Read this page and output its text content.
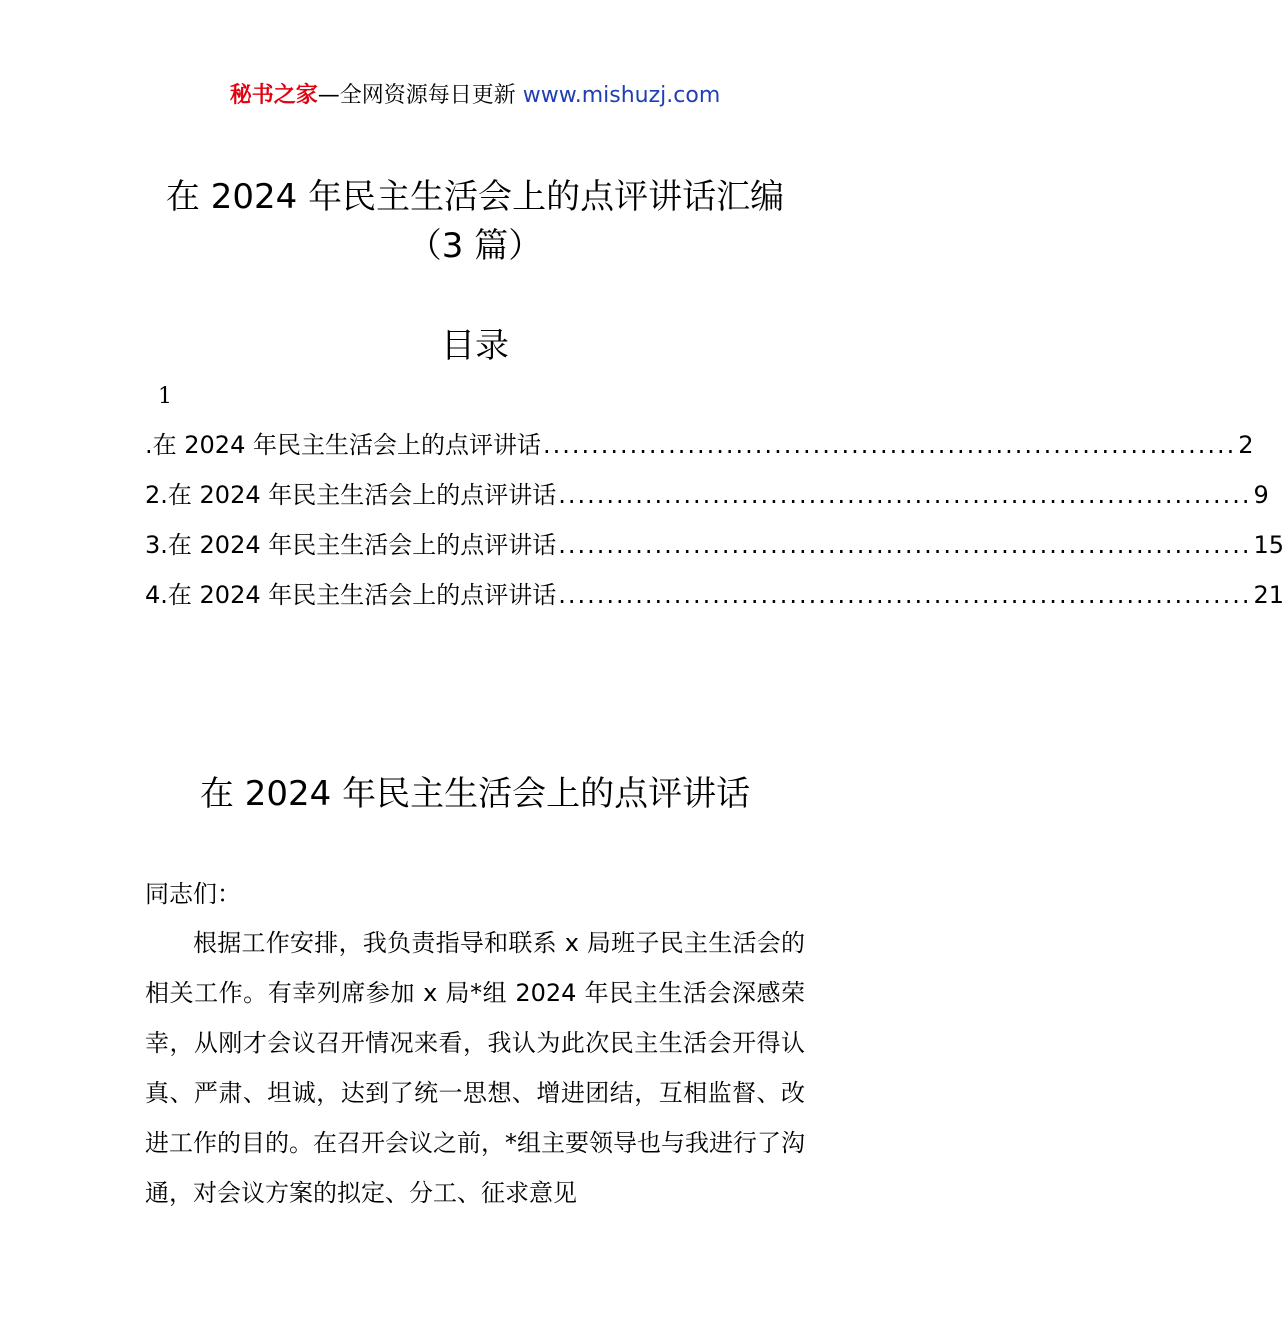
秘书之家—全网资源每日更新 www.mishuzj.com
在 2024 年民主生活会上的点评讲话汇编
（3 篇）
目录
1
.在 2024 年民主生活会上的点评讲话 ........................................................................ 2
2.在 2024 年民主生活会上的点评讲话 ........................................................................ 9
3.在 2024 年民主生活会上的点评讲话 ........................................................................ 15
4.在 2024 年民主生活会上的点评讲话 ........................................................................ 21
在 2024 年民主生活会上的点评讲话
同志们：

根据工作安排，我负责指导和联系 x 局班子民主生活会的相关工作。有幸列席参加 x 局*组 2024 年民主生活会深感荣幸，从刚才会议召开情况来看，我认为此次民主生活会开得认真、严肃、坦诚，达到了统一思想、增进团结，互相监督、改进工作的目的。在召开会议之前，*组主要领导也与我进行了沟通，对会议方案的拟定、分工、征求意见
